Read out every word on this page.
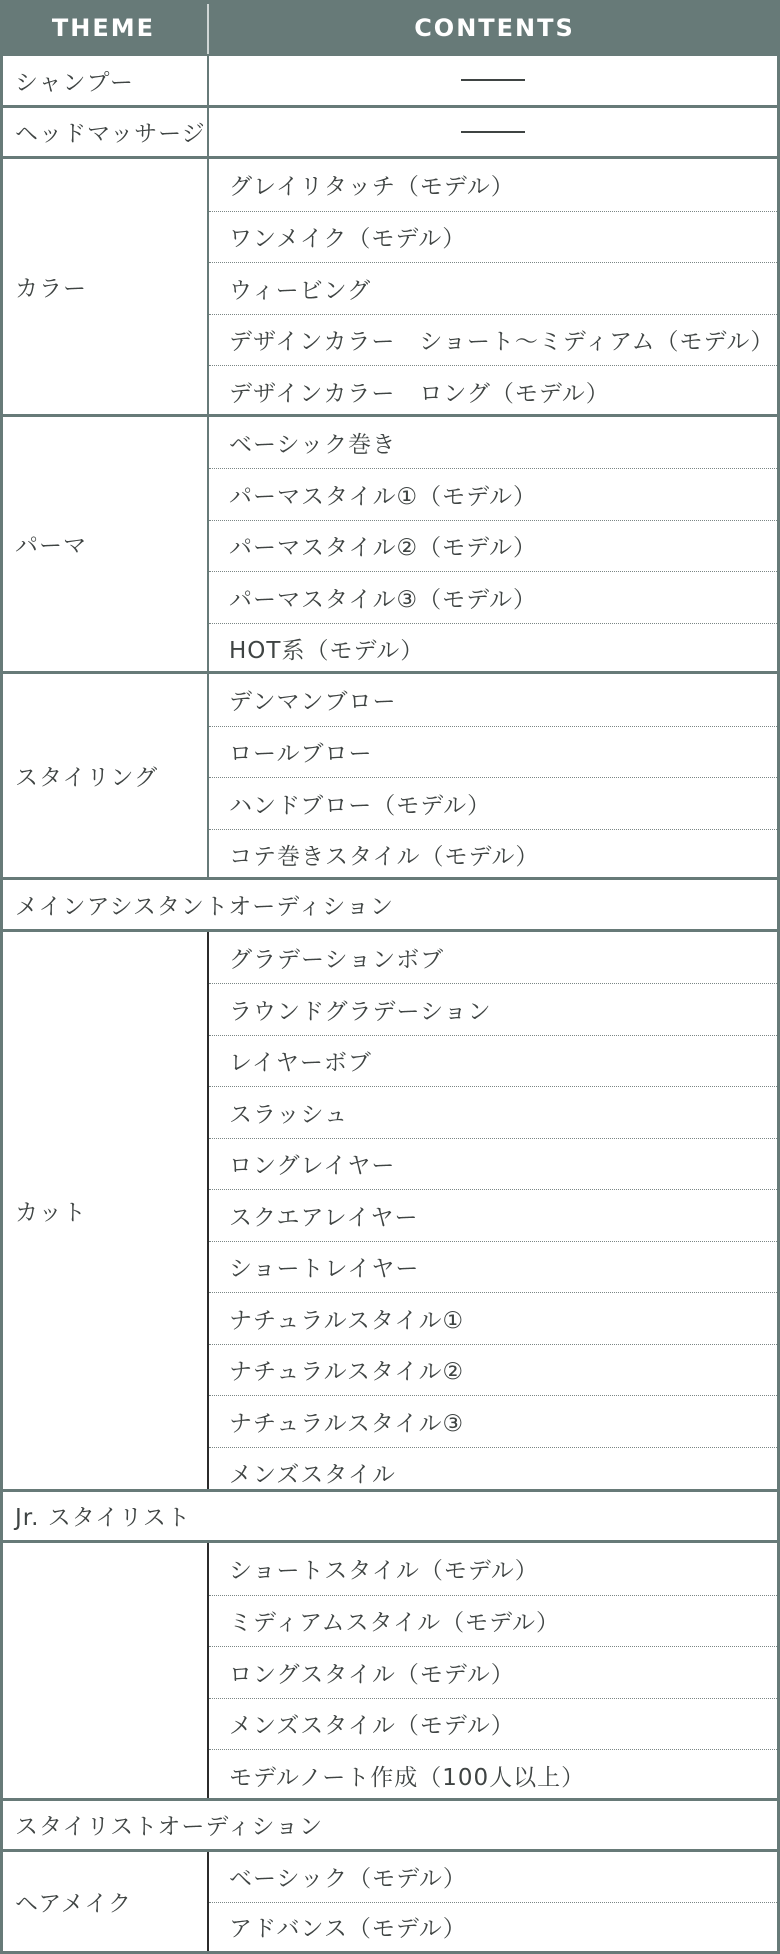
THEME	CONTENTS
シャンプー
ヘッドマッサージ
カラー
グレイリタッチ（モデル）
ワンメイク（モデル）
ウィービング
デザインカラー　ショート～ミディアム（モデル）
デザインカラー　ロング（モデル）
パーマ
ベーシック巻き
パーマスタイル①（モデル）
パーマスタイル②（モデル）
パーマスタイル③（モデル）
HOT系（モデル）
スタイリング
デンマンブロー
ロールブロー
ハンドブロー（モデル）
コテ巻きスタイル（モデル）
メインアシスタントオーディション
カット
グラデーションボブ
ラウンドグラデーション
レイヤーボブ
スラッシュ
ロングレイヤー
スクエアレイヤー
ショートレイヤー
ナチュラルスタイル①
ナチュラルスタイル②
ナチュラルスタイル③
メンズスタイル
Jr. スタイリスト
ショートスタイル（モデル）
ミディアムスタイル（モデル）
ロングスタイル（モデル）
メンズスタイル（モデル）
モデルノート作成（100人以上）
スタイリストオーディション
ヘアメイク
ベーシック（モデル）
アドバンス（モデル）
